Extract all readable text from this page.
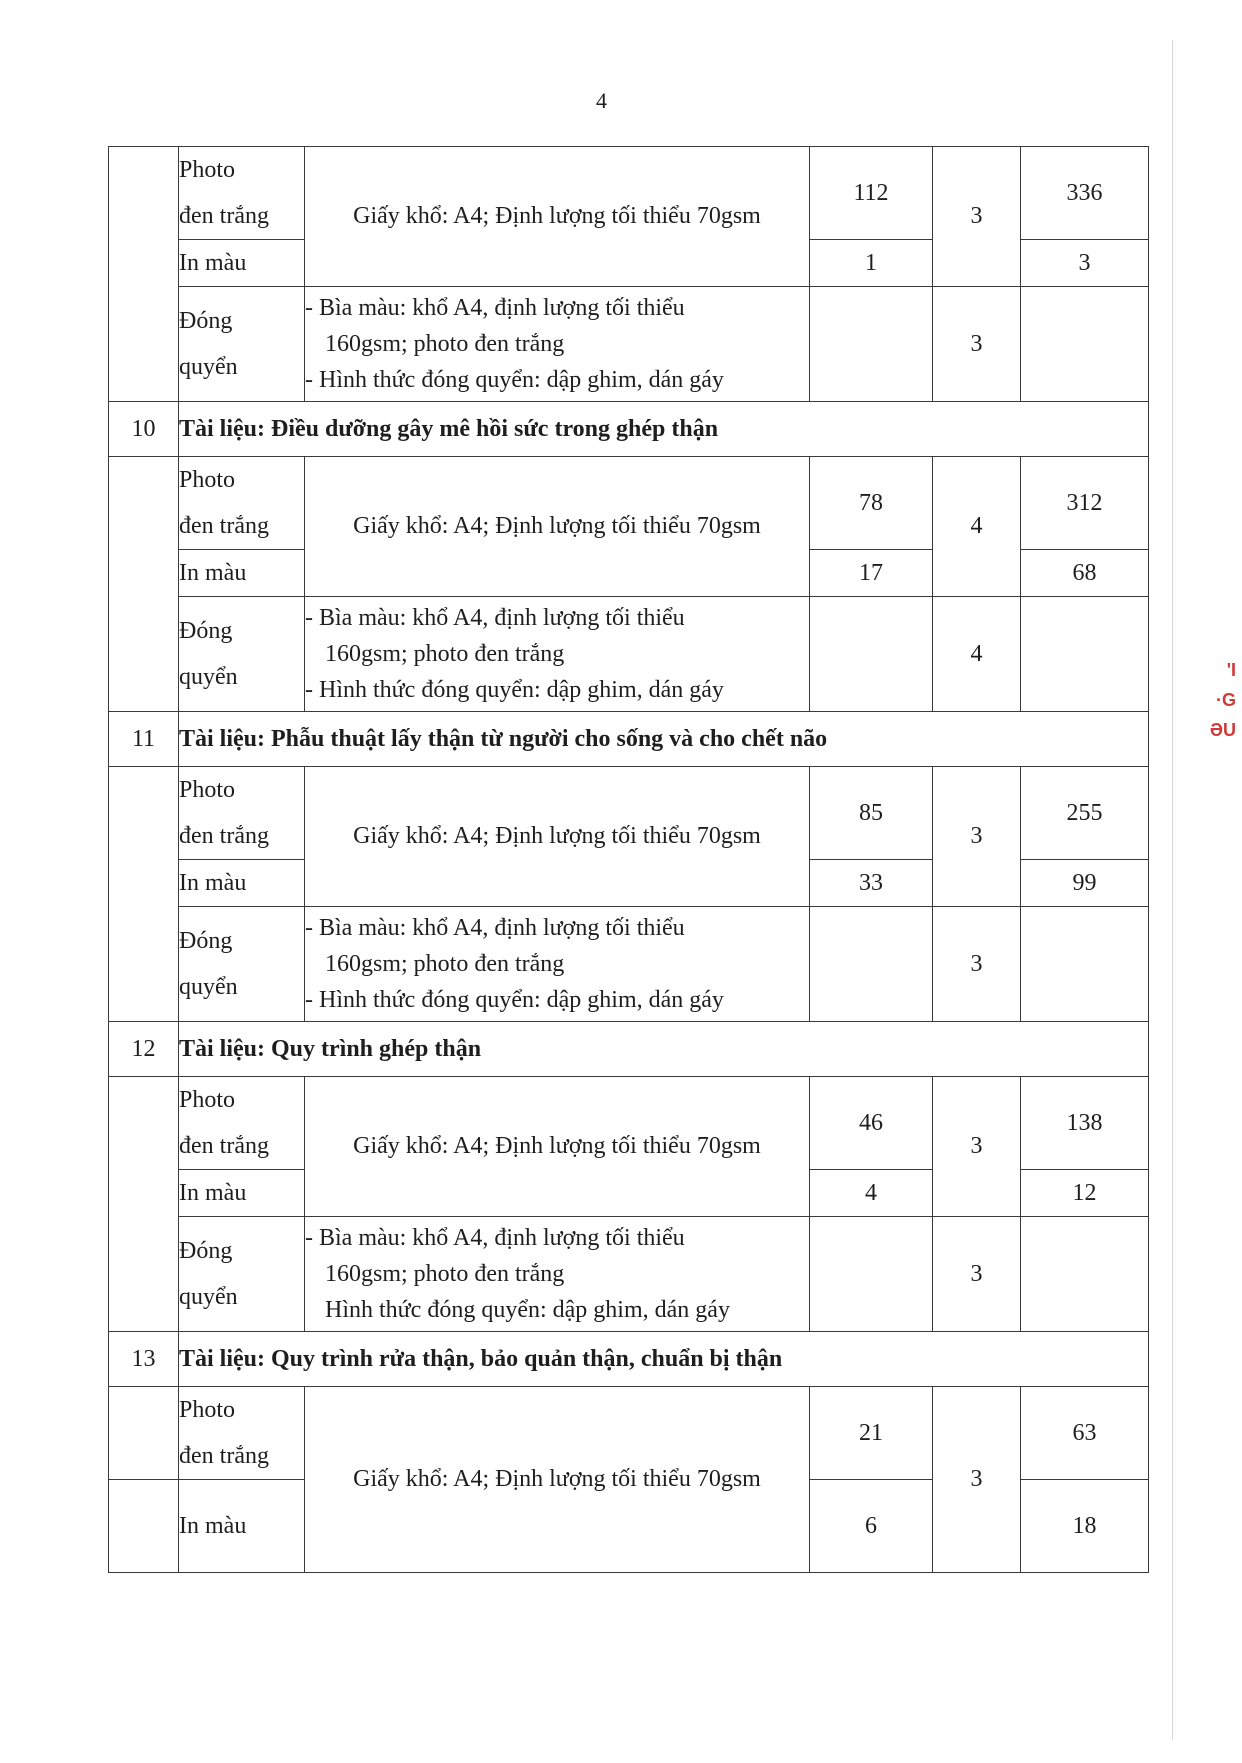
4

	Photo
đen trắng	Giấy khổ: A4; Định lượng tối thiểu 70gsm	112	3	336
	In màu		1		3

	Đóng
quyển	- Bìa màu: khổ A4, định lượng tối thiểu
160gsm; photo đen trắng
- Hình thức đóng quyển: dập ghim, dán gáy		3	
10	Tài liệu: Điều dưỡng gây mê hồi sức trong ghép thận				

	Photo
đen trắng	Giấy khổ: A4; Định lượng tối thiểu 70gsm	78	4	312
	In màu		17		68

	Đóng
quyển	- Bìa màu: khổ A4, định lượng tối thiểu
160gsm; photo đen trắng
- Hình thức đóng quyển: dập ghim, dán gáy		4	
11	Tài liệu: Phẫu thuật lấy thận từ người cho sống và cho chết não				

	Photo
đen trắng	Giấy khổ: A4; Định lượng tối thiểu 70gsm	85	3	255
	In màu		33		99

	Đóng
quyển	- Bìa màu: khổ A4, định lượng tối thiểu
160gsm; photo đen trắng
- Hình thức đóng quyển: dập ghim, dán gáy		3	
12	Tài liệu: Quy trình ghép thận				

	Photo
đen trắng	Giấy khổ: A4; Định lượng tối thiểu 70gsm	46	3	138
	In màu		4		12

	Đóng
quyển	- Bìa màu: khổ A4, định lượng tối thiểu
160gsm; photo đen trắng
Hình thức đóng quyển: dập ghim, dán gáy		3	
13	Tài liệu: Quy trình rửa thận, bảo quản thận, chuẩn bị thận				

	Photo
đen trắng	Giấy khổ: A4; Định lượng tối thiểu 70gsm	21	3	63
	In màu		6		18
'I
·G
ƏU
